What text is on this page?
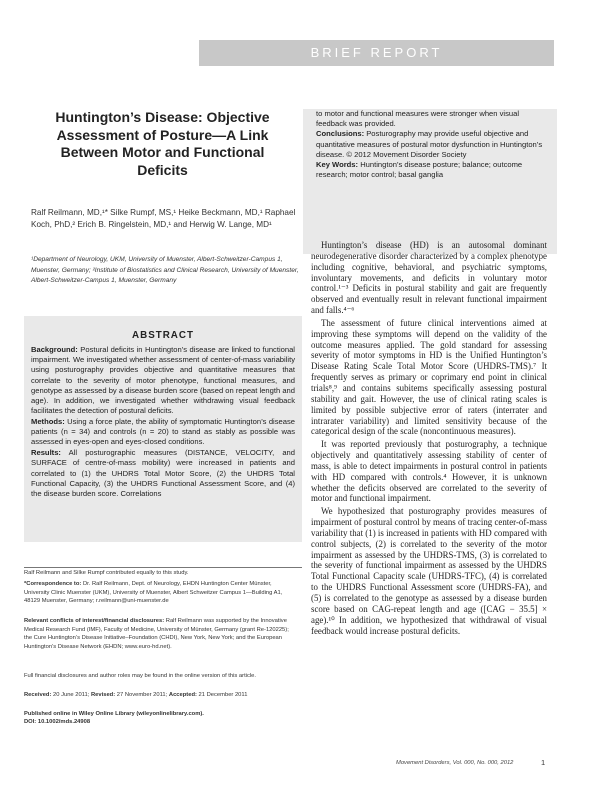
BRIEF REPORT
Huntington’s Disease: Objective Assessment of Posture—A Link Between Motor and Functional Deficits
Ralf Reilmann, MD,¹* Silke Rumpf, MS,¹ Heike Beckmann, MD,¹ Raphael Koch, PhD,² Erich B. Ringelstein, MD,¹ and Herwig W. Lange, MD¹
¹Department of Neurology, UKM, University of Muenster, Albert-Schweitzer-Campus 1, Muenster, Germany; ²Institute of Biostatistics and Clinical Research, University of Muenster, Albert-Schweitzer-Campus 1, Muenster, Germany
ABSTRACT

Background: Postural deficits in Huntington’s disease are linked to functional impairment. We investigated whether assessment of center-of-mass variability using posturography provides objective and quantitative measures that correlate to the severity of motor phenotype, functional measures, and genotype as assessed by a disease burden score (based on repeat length and age). In addition, we investigated whether withdrawing visual feedback facilitates the detection of postural deficits.

Methods: Using a force plate, the ability of symptomatic Huntington’s disease patients (n = 34) and controls (n = 20) to stand as stably as possible was assessed in eyes-open and eyes-closed conditions.

Results: All posturographic measures (DISTANCE, VELOCITY, and SURFACE of centre-of-mass mobility) were increased in patients and correlated to (1) the UHDRS Total Motor Score, (2) the UHDRS Total Functional Capacity, (3) the UHDRS Functional Assessment Score, and (4) the disease burden score. Correlations

to motor and functional measures were stronger when visual feedback was provided.

Conclusions: Posturography may provide useful objective and quantitative measures of postural motor dysfunction in Huntington’s disease. © 2012 Movement Disorder Society

Key Words: Huntington’s disease posture; balance; outcome research; motor control; basal ganglia

Ralf Reilmann and Silke Rumpf contributed equally to this study.

*Correspondence to: Dr. Ralf Reilmann, Dept. of Neurology, EHDN Huntington Center Münster, University Clinic Muenster (UKM), University of Muenster, Albert Schweitzer Campus 1—Building A1, 48129 Muenster, Germany; r.reilmann@uni-muenster.de

Relevant conflicts of interest/financial disclosures: Ralf Reilmann was supported by the Innovative Medical Research Fund (IMF), Faculty of Medicine, University of Münster, Germany (grant Re-120225); the Cure Huntington’s Disease Initiative–Foundation (CHDI), New York, New York; and the European Huntington’s Disease Network (EHDN; www.euro-hd.net).

Full financial disclosures and author roles may be found in the online version of this article.

Received: 20 June 2011; Revised: 27 November 2011; Accepted: 21 December 2011

Published online in Wiley Online Library (wileyonlinelibrary.com).

DOI: 10.1002/mds.24908

Huntington’s disease (HD) is an autosomal dominant neurodegenerative disorder characterized by a complex phenotype including cognitive, behavioral, and psychiatric symptoms, involuntary movements, and deficits in voluntary motor control.¹⁻³ Deficits in postural stability and gait are frequently observed and eventually result in relevant functional impairment and falls.⁴⁻⁶

The assessment of future clinical interventions aimed at improving these symptoms will depend on the validity of the outcome measures applied. The gold standard for assessing severity of motor symptoms in HD is the Unified Huntington’s Disease Rating Scale Total Motor Score (UHDRS-TMS).⁷ It frequently serves as primary or coprimary end point in clinical trials⁸,⁹ and contains subitems specifically assessing postural stability and gait. However, the use of clinical rating scales is limited by possible subjective error of raters (interrater and intrarater variability) and limited sensitivity because of the categorical design of the scale (noncontinuous measures).

It was reported previously that posturography, a technique objectively and quantitatively assessing stability of center of mass, is able to detect impairments in postural control in patients with HD compared with controls.⁴ However, it is unknown whether the deficits observed are correlated to the severity of motor and functional impairment.

We hypothesized that posturography provides measures of impairment of postural control by means of tracing center-of-mass variability that (1) is increased in patients with HD compared with control subjects, (2) is correlated to the severity of the motor impairment as assessed by the UHDRS-TMS, (3) is correlated to the severity of functional impairment as assessed by the UHDRS Total Functional Capacity scale (UHDRS-TFC), (4) is correlated to the UHDRS Functional Assessment score (UHDRS-FA), and (5) is correlated to the genotype as assessed by a disease burden score based on CAG-repeat length and age ([CAG − 35.5] × age).¹⁰ In addition, we hypothesized that withdrawal of visual feedback would increase postural deficits.

Movement Disorders, Vol. 000, No. 000, 2012	1
